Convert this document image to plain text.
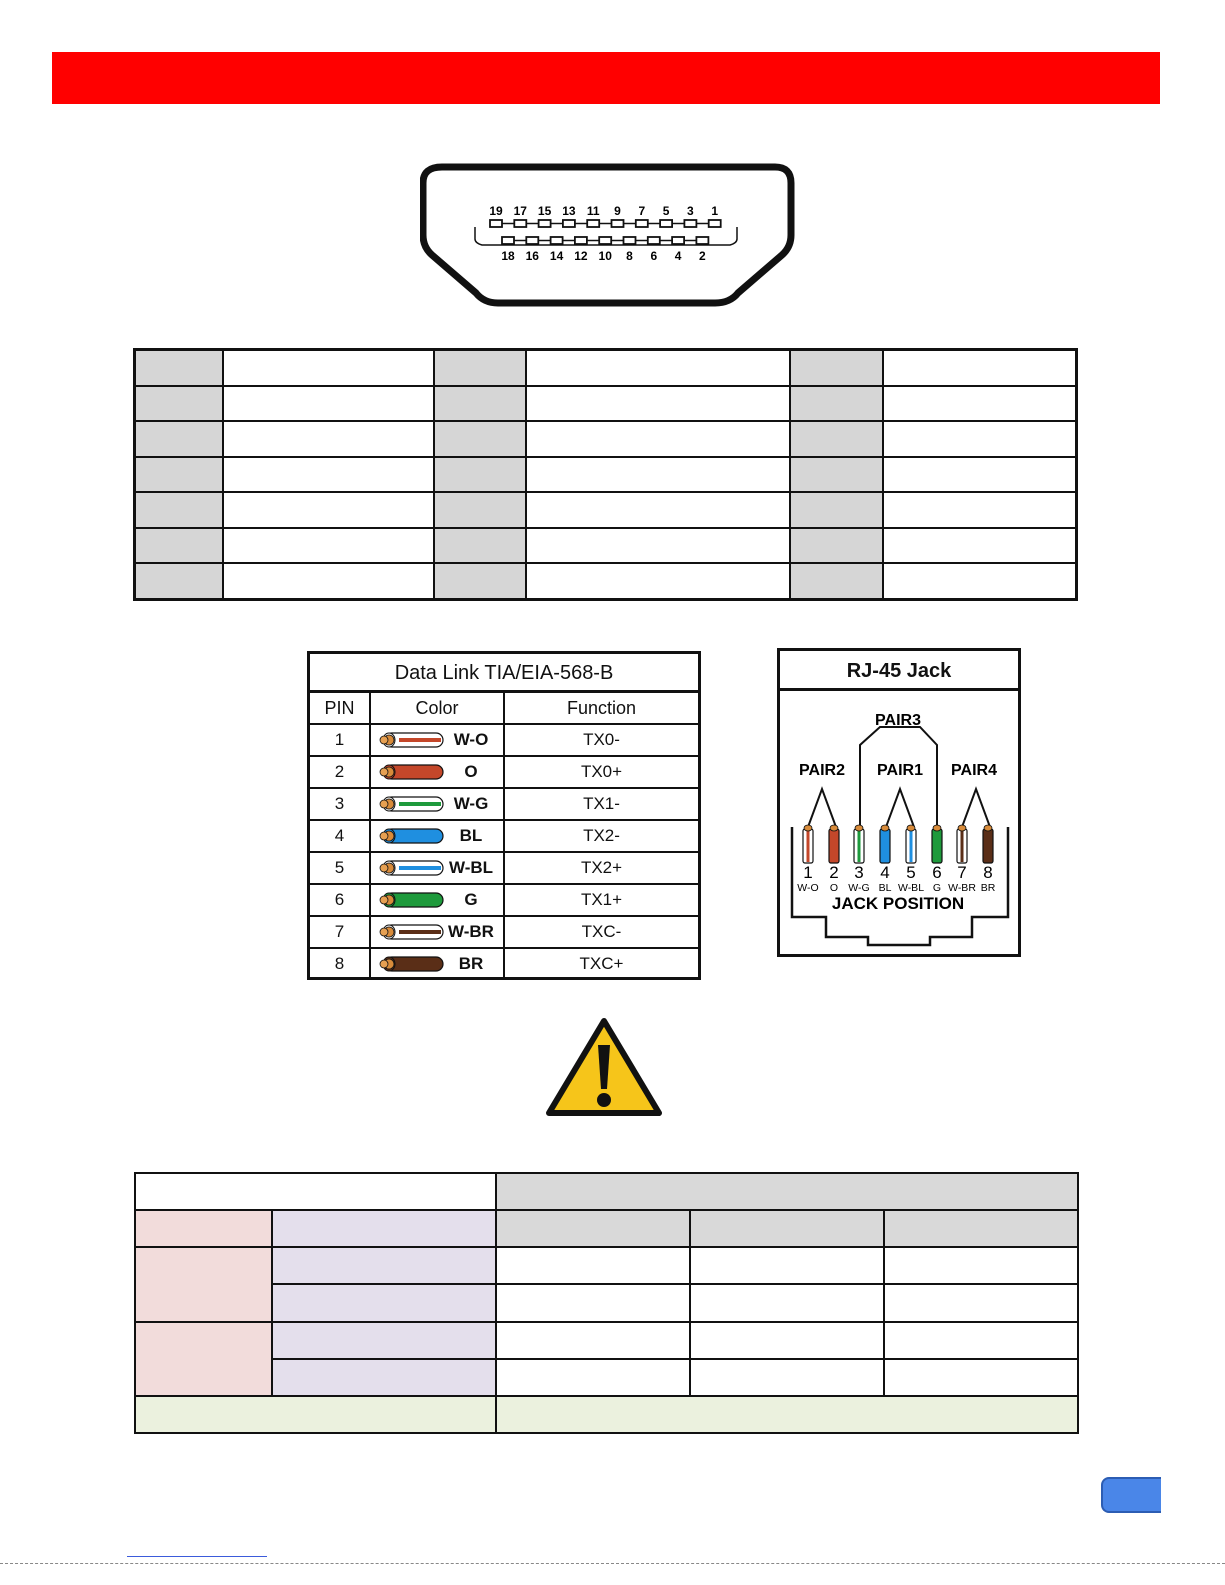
19 17 15 13 11 9 7 5 3 1
18 16 14 12 10 8 6 4 2

Data Link TIA/EIA-568-B
PIN	Color	Function
1	W-O	TX0-
2	O	TX0+
3	W-G	TX1-
4	BL	TX2-
5	W-BL	TX2+
6	G	TX1+
7	W-BR	TXC-
8	BR	TXC+
RJ-45 Jack
PAIR3
PAIR2 PAIR1 PAIR4
1 2 3 4 5 6 7 8
W-O O W-G BL W-BL G W-BR BR
JACK POSITION
